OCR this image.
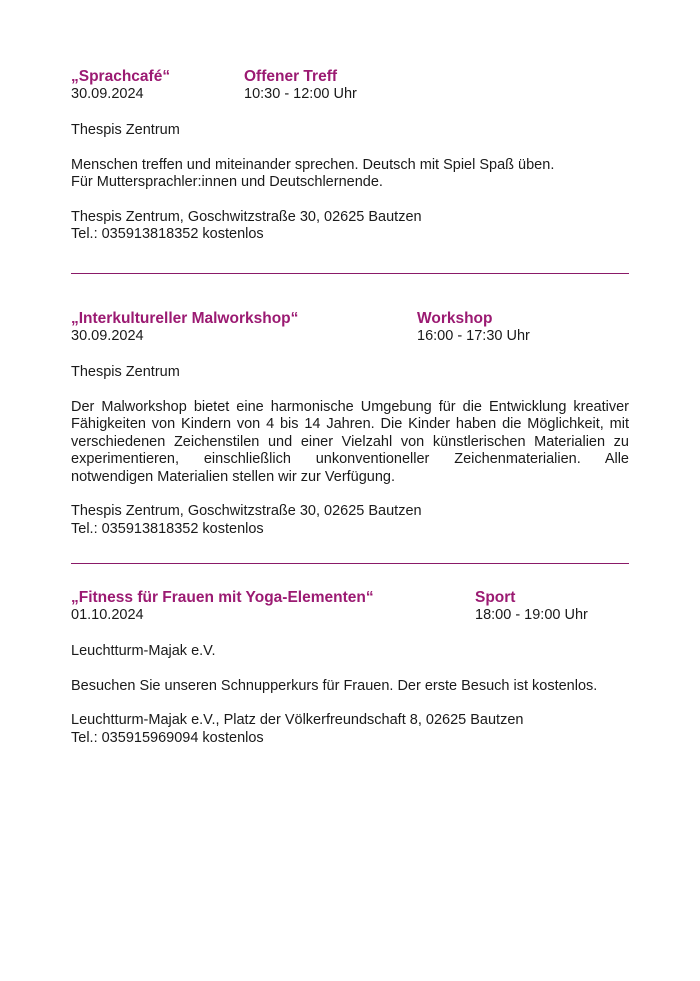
„Sprachcafé“	Offener Treff
30.09.2024	10:30 - 12:00 Uhr

Thespis Zentrum

Menschen treffen und miteinander sprechen. Deutsch mit Spiel Spaß üben.

Für Muttersprachler:innen und Deutschlernende.

Thespis Zentrum, Goschwitzstraße 30, 02625 Bautzen

Tel.: 035913818352 kostenlos

„Interkultureller Malworkshop“	Workshop
30.09.2024	16:00 - 17:30 Uhr

Thespis Zentrum

Der Malworkshop bietet eine harmonische Umgebung für die Entwicklung kreativer Fähigkeiten von Kindern von 4 bis 14 Jahren. Die Kinder haben die Möglichkeit, mit verschiedenen Zeichenstilen und einer Vielzahl von künstlerischen Materialien zu experimentieren, einschließlich unkonventioneller Zeichenmaterialien. Alle notwendigen Materialien stellen wir zur Verfügung.

Thespis Zentrum, Goschwitzstraße 30, 02625 Bautzen

Tel.: 035913818352 kostenlos

„Fitness für Frauen mit Yoga-Elementen“	Sport
01.10.2024	18:00 - 19:00 Uhr

Leuchtturm-Majak e.V.

Besuchen Sie unseren Schnupperkurs für Frauen. Der erste Besuch ist kostenlos.

Leuchtturm-Majak e.V., Platz der Völkerfreundschaft 8, 02625 Bautzen

Tel.: 035915969094 kostenlos
